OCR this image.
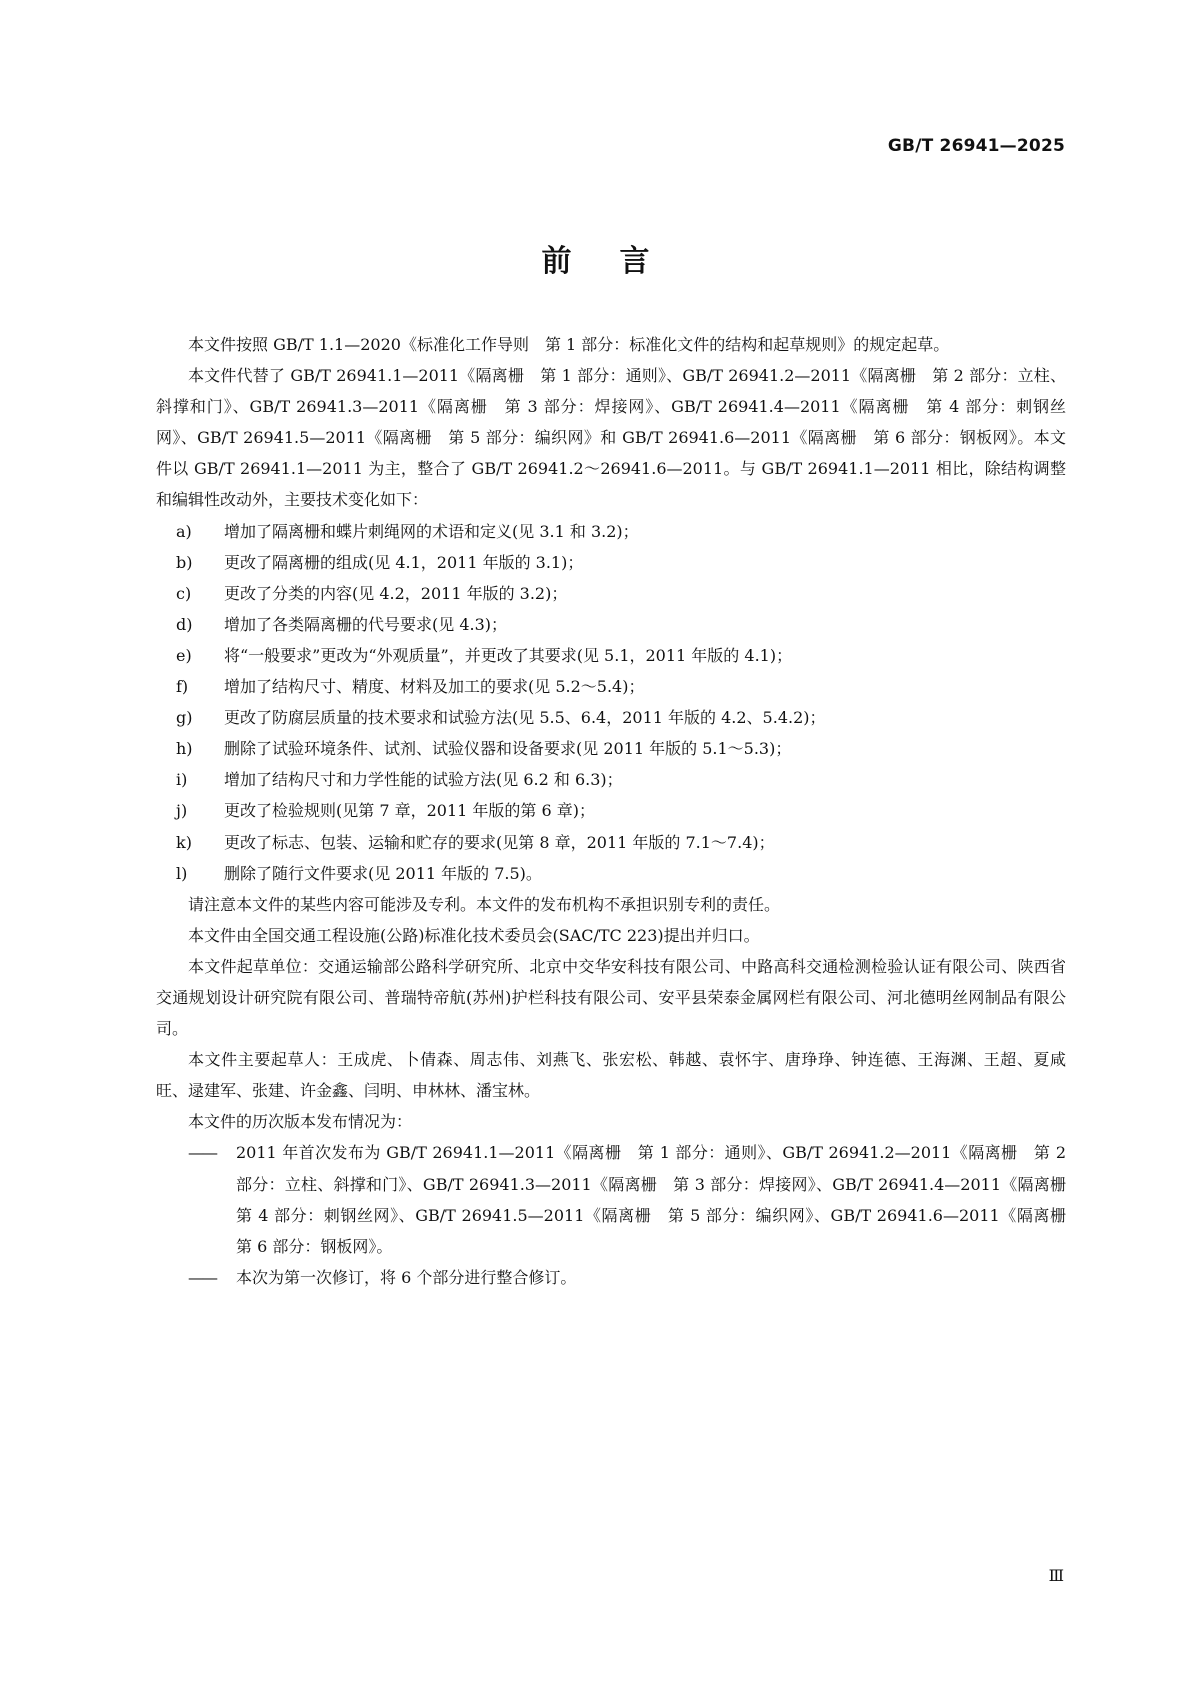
GB/T 26941—2025
前言

本文件按照 GB/T 1.1—2020《标准化工作导则　第 1 部分：标准化文件的结构和起草规则》的规定起草。

本文件代替了 GB/T 26941.1—2011《隔离栅　第 1 部分：通则》、GB/T 26941.2—2011《隔离栅　第 2 部分：立柱、斜撑和门》、GB/T 26941.3—2011《隔离栅　第 3 部分：焊接网》、GB/T 26941.4—2011《隔离栅　第 4 部分：刺钢丝网》、GB/T 26941.5—2011《隔离栅　第 5 部分：编织网》和 GB/T 26941.6—2011《隔离栅　第 6 部分：钢板网》。本文件以 GB/T 26941.1—2011 为主，整合了 GB/T 26941.2～26941.6—2011。与 GB/T 26941.1—2011 相比，除结构调整和编辑性改动外，主要技术变化如下：

a) 增加了隔离栅和蝶片刺绳网的术语和定义(见 3.1 和 3.2)；

b) 更改了隔离栅的组成(见 4.1，2011 年版的 3.1)；

c) 更改了分类的内容(见 4.2，2011 年版的 3.2)；

d) 增加了各类隔离栅的代号要求(见 4.3)；

e) 将“一般要求”更改为“外观质量”，并更改了其要求(见 5.1，2011 年版的 4.1)；

f) 增加了结构尺寸、精度、材料及加工的要求(见 5.2～5.4)；

g) 更改了防腐层质量的技术要求和试验方法(见 5.5、6.4，2011 年版的 4.2、5.4.2)；

h) 删除了试验环境条件、试剂、试验仪器和设备要求(见 2011 年版的 5.1～5.3)；

i) 增加了结构尺寸和力学性能的试验方法(见 6.2 和 6.3)；

j) 更改了检验规则(见第 7 章，2011 年版的第 6 章)；

k) 更改了标志、包装、运输和贮存的要求(见第 8 章，2011 年版的 7.1～7.4)；

l) 删除了随行文件要求(见 2011 年版的 7.5)。

请注意本文件的某些内容可能涉及专利。本文件的发布机构不承担识别专利的责任。

本文件由全国交通工程设施(公路)标准化技术委员会(SAC/TC 223)提出并归口。

本文件起草单位：交通运输部公路科学研究所、北京中交华安科技有限公司、中路高科交通检测检验认证有限公司、陕西省交通规划设计研究院有限公司、普瑞特帝航(苏州)护栏科技有限公司、安平县荣泰金属网栏有限公司、河北德明丝网制品有限公司。

本文件主要起草人：王成虎、卜倩森、周志伟、刘燕飞、张宏松、韩越、袁怀宇、唐琤琤、钟连德、王海渊、王超、夏咸旺、逯建军、张建、许金鑫、闫明、申林林、潘宝林。

本文件的历次版本发布情况为：

—— 2011 年首次发布为 GB/T 26941.1—2011《隔离栅　第 1 部分：通则》、GB/T 26941.2—2011《隔离栅　第 2 部分：立柱、斜撑和门》、GB/T 26941.3—2011《隔离栅　第 3 部分：焊接网》、GB/T 26941.4—2011《隔离栅　第 4 部分：刺钢丝网》、GB/T 26941.5—2011《隔离栅　第 5 部分：编织网》、GB/T 26941.6—2011《隔离栅　第 6 部分：钢板网》。

—— 本次为第一次修订，将 6 个部分进行整合修订。

Ⅲ
